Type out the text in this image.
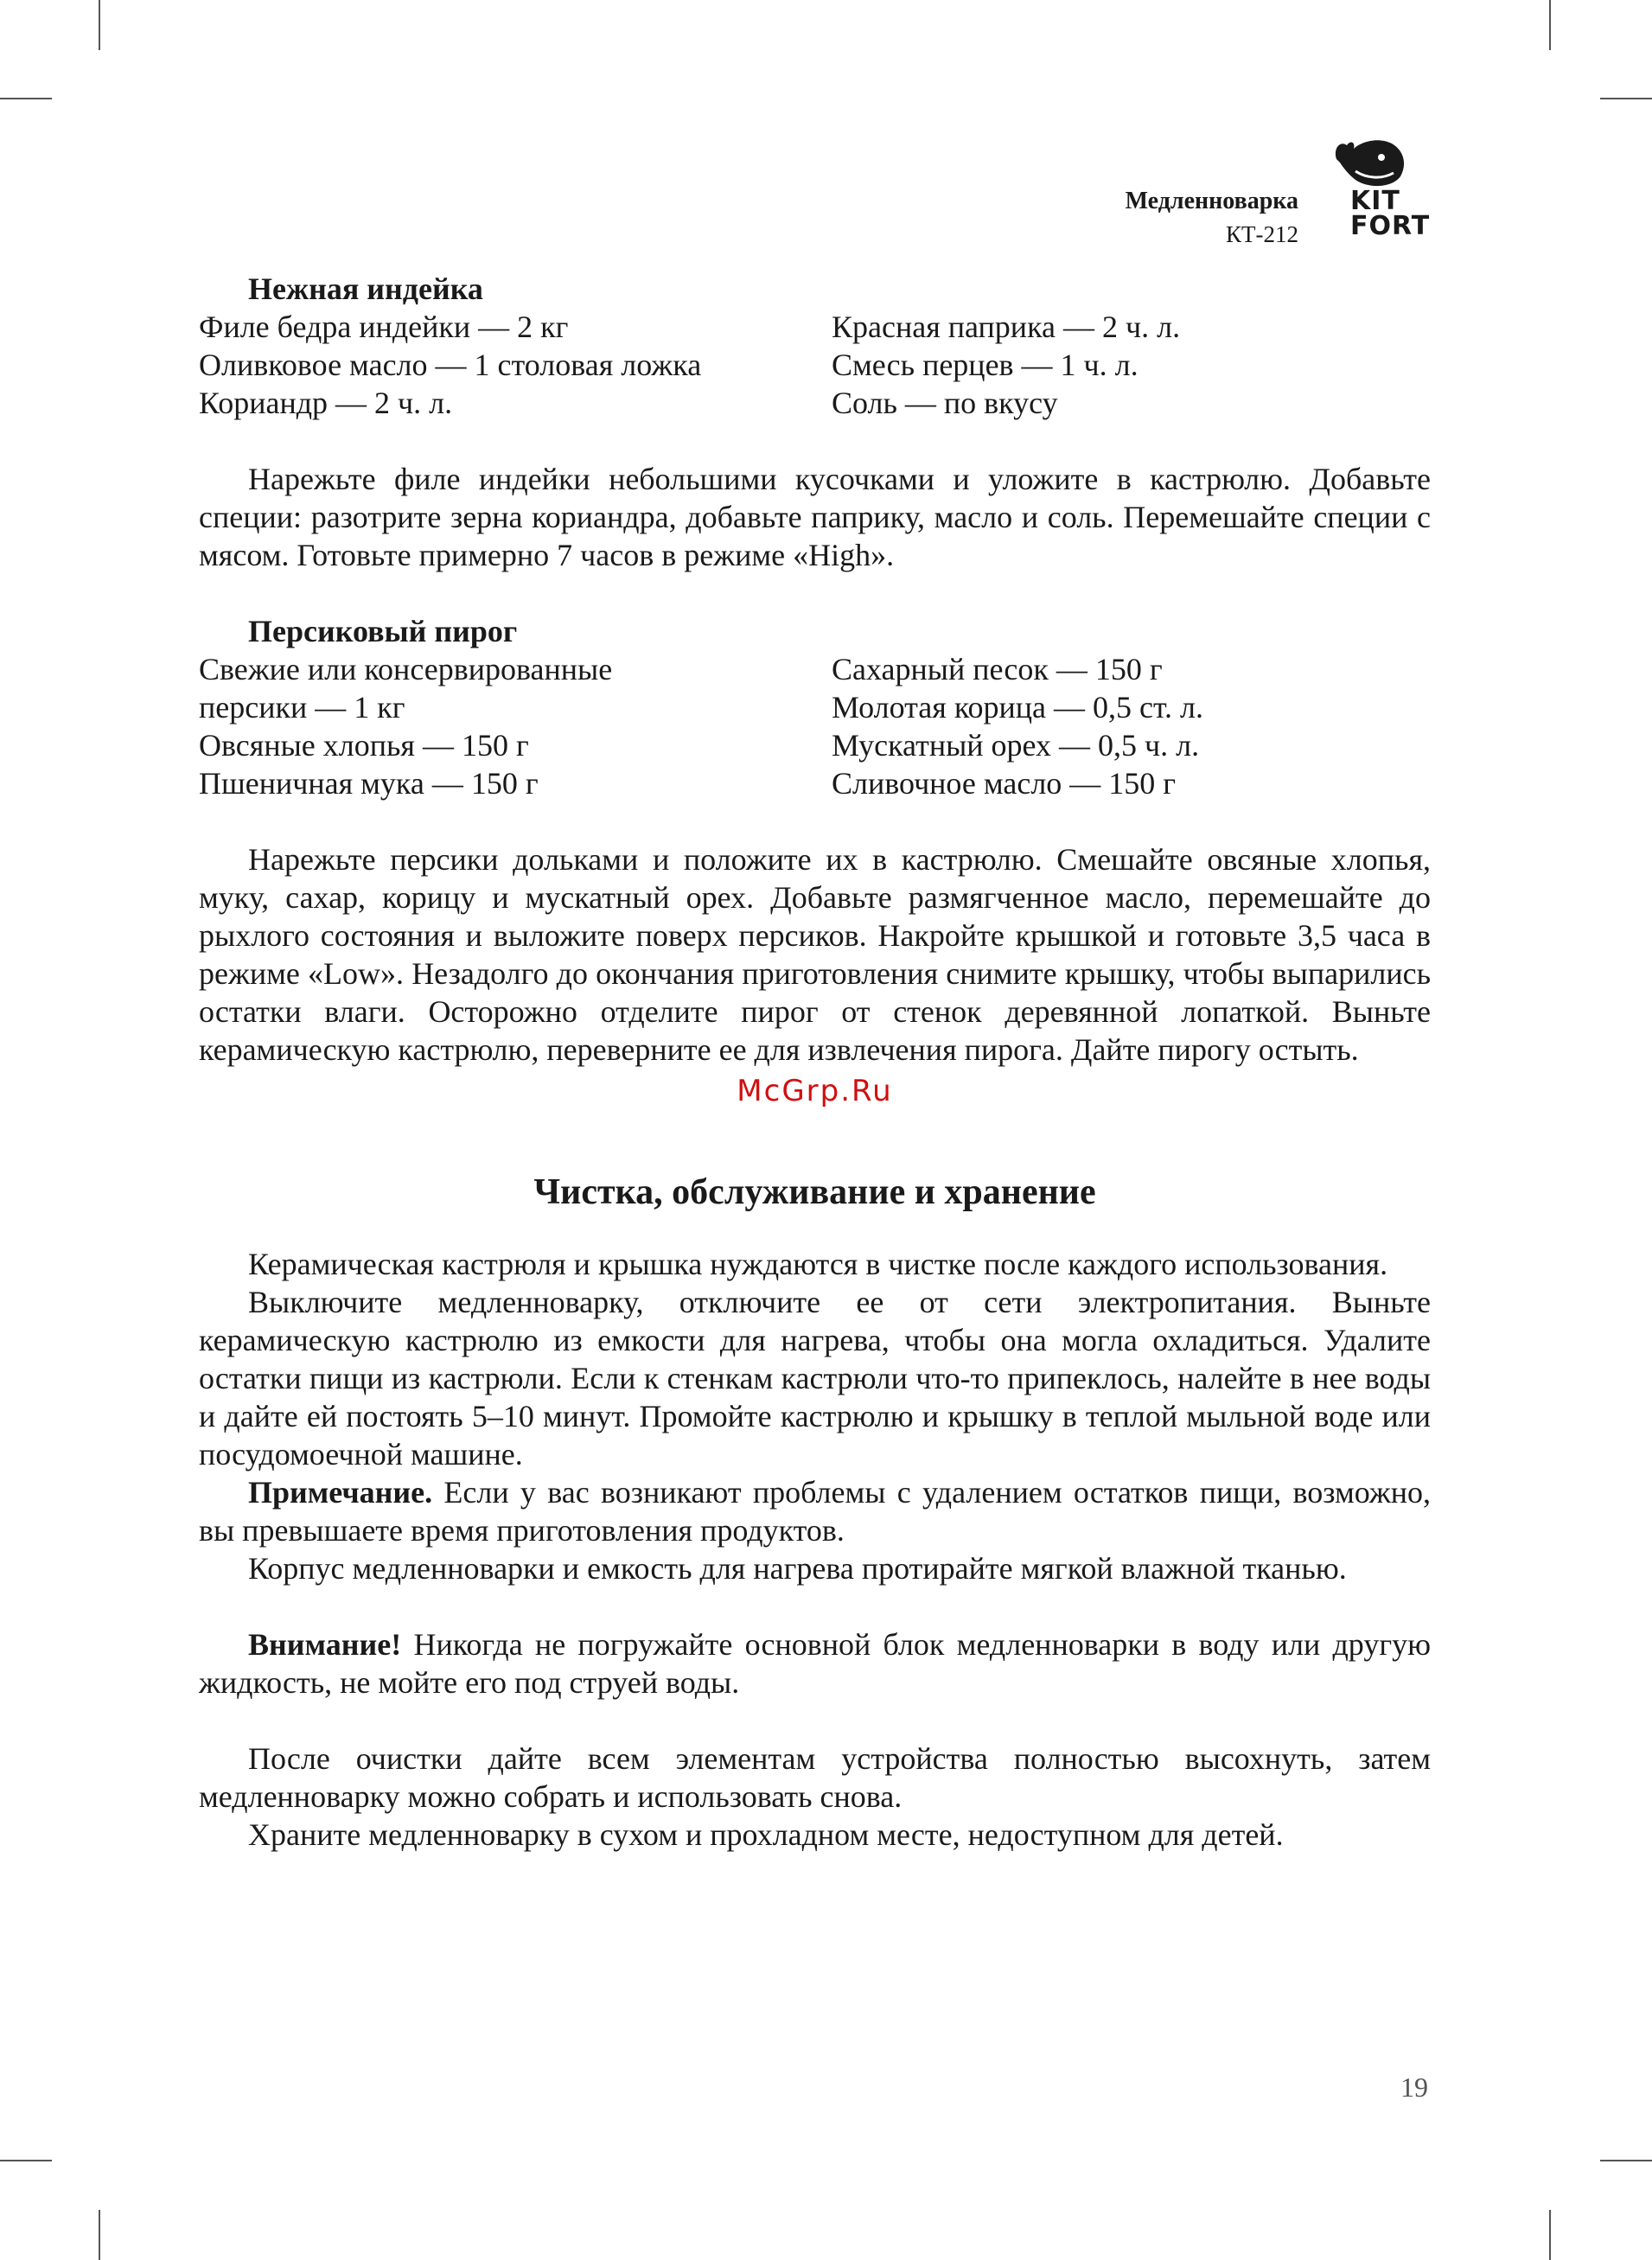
Медленноварка
КТ-212
KIT
FORT
Нежная индейка
Филе бедра индейки — 2 кг
Оливковое масло — 1 столовая ложка
Кориандр — 2 ч. л.
Красная паприка — 2 ч. л.
Смесь перцев — 1 ч. л.
Соль — по вкусу

Нарежьте филе индейки небольшими кусочками и уложите в кастрюлю. Добавьте специи: разотрите зерна кориандра, добавьте паприку, масло и соль. Перемешайте специи с мясом. Готовьте примерно 7 часов в режиме «High».

Персиковый пирог
Свежие или консервированные
персики — 1 кг
Овсяные хлопья — 150 г
Пшеничная мука — 150 г
Сахарный песок — 150 г
Молотая корица — 0,5 ст. л.
Мускатный орех — 0,5 ч. л.
Сливочное масло — 150 г

Нарежьте персики дольками и положите их в кастрюлю. Смешайте овсяные хлопья, муку, сахар, корицу и мускатный орех. Добавьте размягченное масло, перемешайте до рыхлого состояния и выложите поверх персиков. Накройте крышкой и готовьте 3,5 часа в режиме «Low». Незадолго до окончания приготовления снимите крышку, чтобы выпарились остатки влаги. Осторожно отделите пирог от стенок деревянной лопаткой. Выньте керамическую кастрюлю, переверните ее для извлечения пирога. Дайте пирогу остыть.

McGrp.Ru
Чистка, обслуживание и хранение

Керамическая кастрюля и крышка нуждаются в чистке после каждого использования.

Выключите медленноварку, отключите ее от сети электропитания. Выньте керамическую кастрюлю из емкости для нагрева, чтобы она могла охладиться. Удалите остатки пищи из кастрюли. Если к стенкам кастрюли что-то припеклось, налейте в нее воды и дайте ей постоять 5–10 минут. Промойте кастрюлю и крышку в теплой мыльной воде или посудомоечной машине.

Примечание. Если у вас возникают проблемы с удалением остатков пищи, возможно, вы превышаете время приготовления продуктов.

Корпус медленноварки и емкость для нагрева протирайте мягкой влажной тканью.

Внимание! Никогда не погружайте основной блок медленноварки в воду или другую жидкость, не мойте его под струей воды.

После очистки дайте всем элементам устройства полностью высохнуть, затем медленноварку можно собрать и использовать снова.

Храните медленноварку в сухом и прохладном месте, недоступном для детей.

19
